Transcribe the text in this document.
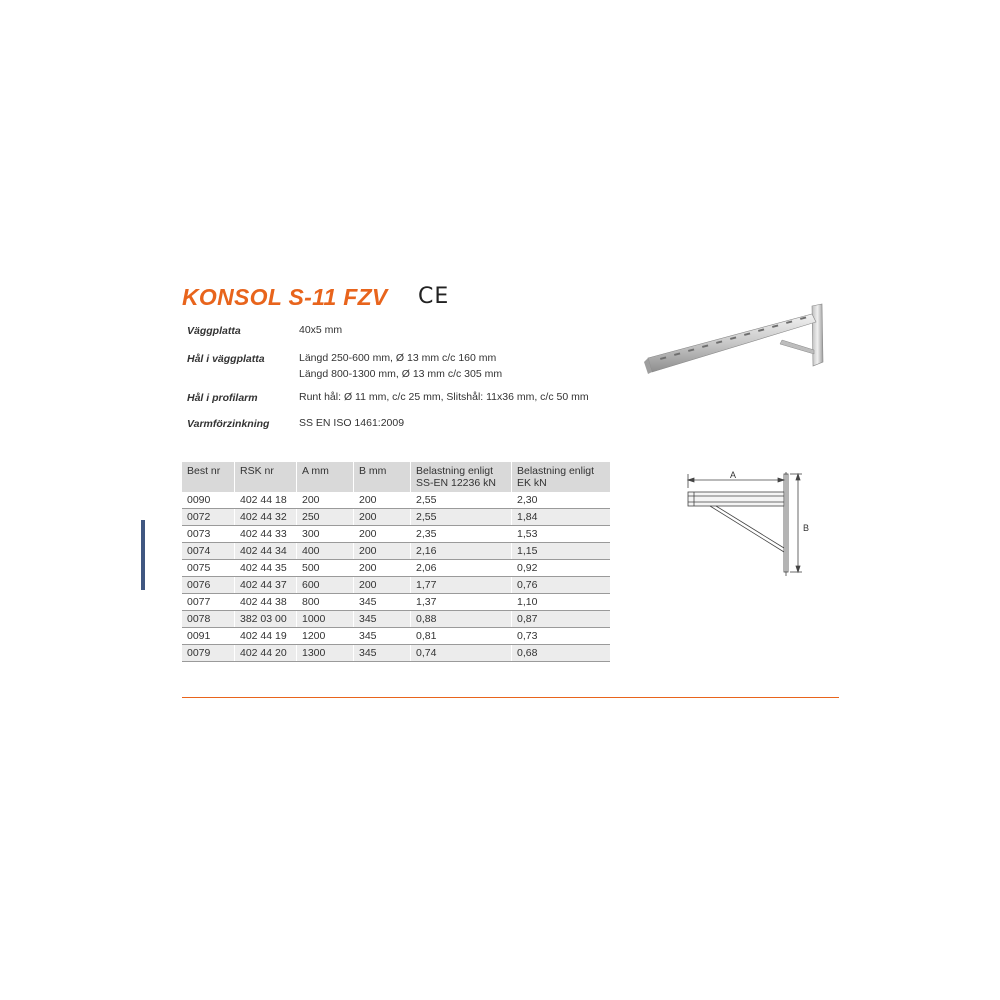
KONSOL S-11 FZV CE
Väggplatta	40x5 mm
Hål i väggplatta	Längd 250-600 mm, Ø 13 mm c/c 160 mm
Längd 800-1300 mm, Ø 13 mm c/c 305 mm
Hål i profilarm	Runt hål: Ø 11 mm, c/c 25 mm, Slitshål: 11x36 mm, c/c 50 mm
Varmförzinkning	SS EN ISO 1461:2009
Best nr	RSK nr	A mm	B mm	Belastning enligt SS-EN 12236 kN	Belastning enligt EK kN
0090	402 44 18	200	200	2,55	2,30
0072	402 44 32	250	200	2,55	1,84
0073	402 44 33	300	200	2,35	1,53
0074	402 44 34	400	200	2,16	1,15
0075	402 44 35	500	200	2,06	0,92
0076	402 44 37	600	200	1,77	0,76
0077	402 44 38	800	345	1,37	1,10
0078	382 03 00	1000	345	0,88	0,87
0091	402 44 19	1200	345	0,81	0,73
0079	402 44 20	1300	345	0,74	0,68
A
B
